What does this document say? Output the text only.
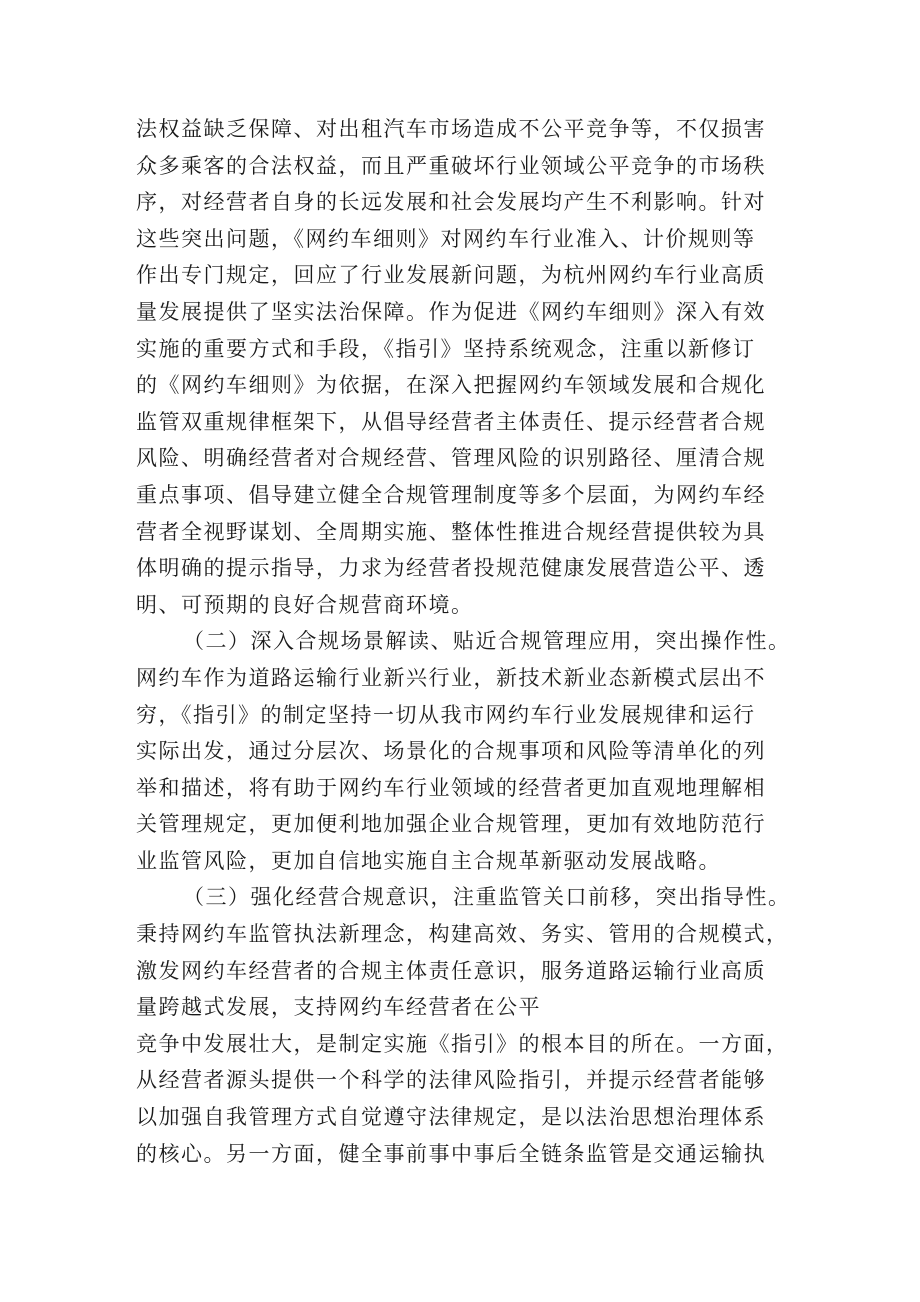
法权益缺乏保障、对出租汽车市场造成不公平竞争等，不仅损害
众多乘客的合法权益，而且严重破坏行业领域公平竞争的市场秩
序，对经营者自身的长远发展和社会发展均产生不利影响。针对
这些突出问题，《网约车细则》对网约车行业准入、计价规则等
作出专门规定，回应了行业发展新问题，为杭州网约车行业高质
量发展提供了坚实法治保障。作为促进《网约车细则》深入有效
实施的重要方式和手段，《指引》坚持系统观念，注重以新修订
的《网约车细则》为依据，在深入把握网约车领域发展和合规化
监管双重规律框架下，从倡导经营者主体责任、提示经营者合规
风险、明确经营者对合规经营、管理风险的识别路径、厘清合规
重点事项、倡导建立健全合规管理制度等多个层面，为网约车经
营者全视野谋划、全周期实施、整体性推进合规经营提供较为具
体明确的提示指导，力求为经营者投规范健康发展营造公平、透
明、可预期的良好合规营商环境。
（二）深入合规场景解读、贴近合规管理应用，突出操作性。
网约车作为道路运输行业新兴行业，新技术新业态新模式层出不
穷，《指引》的制定坚持一切从我市网约车行业发展规律和运行
实际出发，通过分层次、场景化的合规事项和风险等清单化的列
举和描述，将有助于网约车行业领域的经营者更加直观地理解相
关管理规定，更加便利地加强企业合规管理，更加有效地防范行
业监管风险，更加自信地实施自主合规革新驱动发展战略。
（三）强化经营合规意识，注重监管关口前移，突出指导性。
秉持网约车监管执法新理念，构建高效、务实、管用的合规模式，
激发网约车经营者的合规主体责任意识，服务道路运输行业高质
量跨越式发展，支持网约车经营者在公平
竞争中发展壮大，是制定实施《指引》的根本目的所在。一方面，
从经营者源头提供一个科学的法律风险指引，并提示经营者能够
以加强自我管理方式自觉遵守法律规定，是以法治思想治理体系
的核心。另一方面，健全事前事中事后全链条监管是交通运输执
